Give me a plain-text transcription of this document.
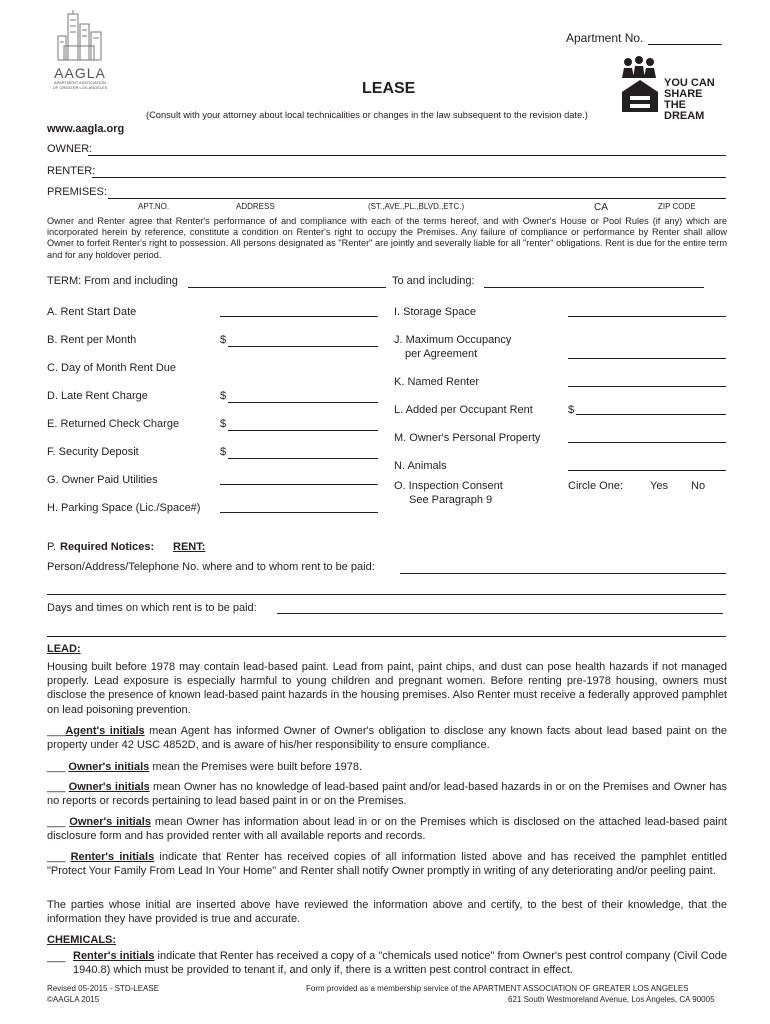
AAGLA
APARTMENT ASSOCIATION
OF GREATER LOS ANGELES
Apartment No.
LEASE	YOU CAN
SHARE
THE DREAM
(Consult with your attorney about local technicalities or changes in the law subsequent to the revision date.)
www.aagla.org
OWNER:
RENTER:
PREMISES:
APT.NO.	ADDRESS	(ST.,AVE.,PL.,BLVD.,ETC.)	CA	ZIP CODE
Owner and Renter agree that Renter's performance of and compliance with each of the terms hereof, and with Owner's House or Pool Rules (if any) which are incorporated herein by reference, constitute a condition on Renter's right to occupy the Premises. Any failure of compliance or performance by Renter shall allow Owner to forfeit Renter's right to possession. All persons designated as "Renter" are jointly and severally liable for all "renter" obligations. Rent is due for the entire term and for any holdover period.
TERM: From and including	To and including:
A. Rent Start Date
B. Rent per Month	$
C. Day of Month Rent Due
D. Late Rent Charge	$
E. Returned Check Charge	$
F. Security Deposit	$
G. Owner Paid Utilities
H. Parking Space (Lic./Space#)
I. Storage Space
J. Maximum Occupancy
per Agreement
K. Named Renter
L. Added per Occupant Rent	$
M. Owner's Personal Property
N. Animals
O. Inspection Consent
See Paragraph 9
Circle One: Yes No
P. Required Notices: RENT:
Person/Address/Telephone No. where and to whom rent to be paid:
Days and times on which rent is to be paid:
LEAD:
Housing built before 1978 may contain lead-based paint. Lead from paint, paint chips, and dust can pose health hazards if not managed properly. Lead exposure is especially harmful to young children and pregnant women. Before renting pre-1978 housing, owners must disclose the presence of known lead-based paint hazards in the housing premises. Also Renter must receive a federally approved pamphlet on lead poisoning prevention.
___Agent's initials mean Agent has informed Owner of Owner's obligation to disclose any known facts about lead based paint on the property under 42 USC 4852D, and is aware of his/her responsibility to ensure compliance.
___ Owner's initials mean the Premises were built before 1978.
___ Owner's initials mean Owner has no knowledge of lead-based paint and/or lead-based hazards in or on the Premises and Owner has no reports or records pertaining to lead based paint in or on the Premises.
___ Owner's initials mean Owner has information about lead in or on the Premises which is disclosed on the attached lead-based paint disclosure form and has provided renter with all available reports and records.
___ Renter's initials indicate that Renter has received copies of all information listed above and has received the pamphlet entitled "Protect Your Family From Lead In Your Home" and Renter shall notify Owner promptly in writing of any deteriorating and/or peeling paint.
The parties whose initial are inserted above have reviewed the information above and certify, to the best of their knowledge, that the information they have provided is true and accurate.
CHEMICALS:
___ Renter's initials indicate that Renter has received a copy of a "chemicals used notice" from Owner's pest control company (Civil Code 1940.8) which must be provided to tenant if, and only if, there is a written pest control contract in effect.
Revised 05-2015 - STD-LEASE
©AAGLA 2015
Form provided as a membership service of the APARTMENT ASSOCIATION OF GREATER LOS ANGELES
621 South Westmoreland Avenue, Los Angeles, CA 90005
